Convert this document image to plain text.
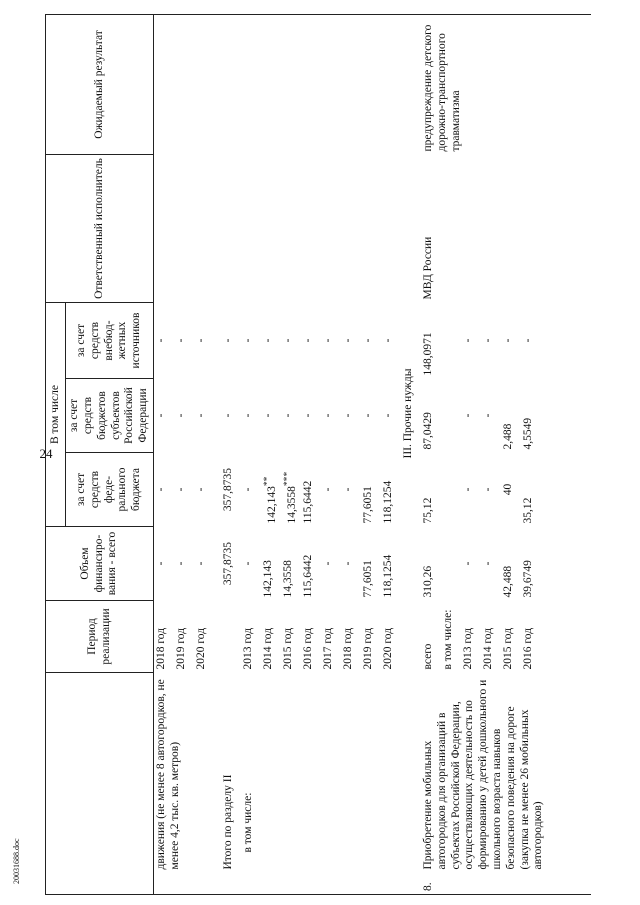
24
20031688.doc
		Период реализации	Объем финансиро-вания - всего	В том числе			Ответственный исполнитель	Ожидаемый результат
				за счет средств феде-рального бюджета	за счет средств бюджетов субъектов Российской Федерации	за счет средств внебюд-жетных источников		
	движения (не менее 8 автогородков, не менее 4,2 тыс. кв. метров)	2018 год	-	-	-	-		
		2019 год	-	-	-	-		
		2020 год	-	-	-	-		
	Итого по разделу II		357,8735	357,8735	-	-		
	в том числе:	2013 год	-	-	-	-		
		2014 год	142,143	142,143**	-	-		
		2015 год	14,3558	14,3558***	-	-		
		2016 год	115,6442	115,6442	-	-		
		2017 год	-	-	-	-		
		2018 год	-	-	-	-		
		2019 год	77,6051	77,6051	-	-		
		2020 год	118,1254	118,1254	-	-		
		III. Прочие нужды						
8.	Приобретение мобильных автогородков для организаций в субъектах Российской Федерации, осуществляющих деятельность по формированию у детей дошкольного и школьного возраста навыков безопасного поведения на дороге (закупка не менее 26 мобильных автогородков)	всего	310,26	75,12	87,0429	148,0971	МВД России	предупреждение детского дорожно-транспортного травматизма
		в том числе:						
		2013 год	-	-	-	-		
		2014 год	-	-	-	-		
		2015 год	42,488	40	2,488	-		
		2016 год	39,6749	35,12	4,5549	-		
